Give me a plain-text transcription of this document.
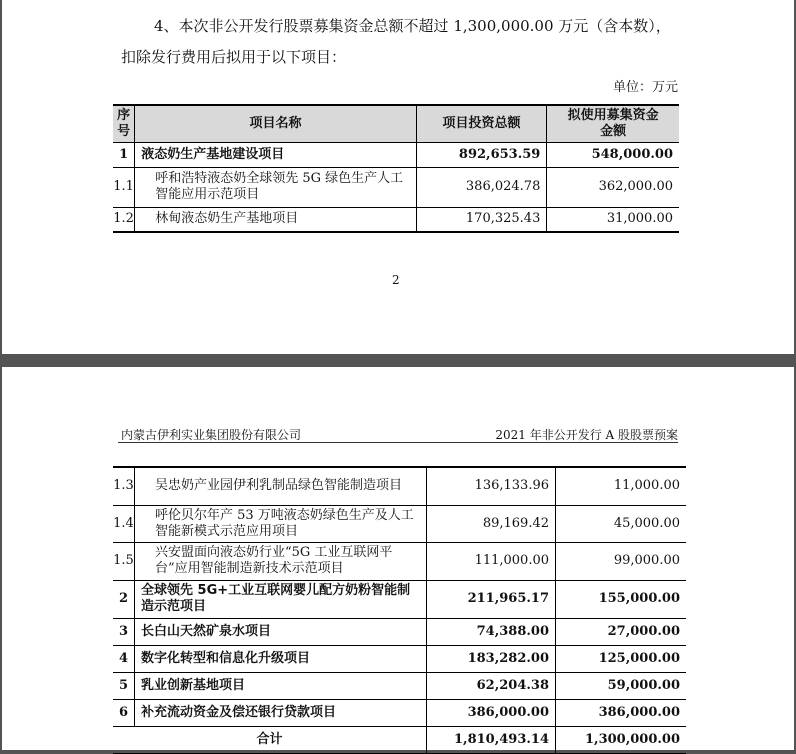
4、本次非公开发行股票募集资金总额不超过 1,300,000.00 万元（含本数），
扣除发行费用后拟用于以下项目：
单位：万元
序号	项目名称	项目投资总额	拟使用募集资金金额
1	液态奶生产基地建设项目	892,653.59	548,000.00
1.1	呼和浩特液态奶全球领先 5G 绿色生产人工智能应用示范项目	386,024.78	362,000.00
1.2	林甸液态奶生产基地项目	170,325.43	31,000.00
2
内蒙古伊利实业集团股份有限公司	2021 年非公开发行 A 股股票预案
1.3	吴忠奶产业园伊利乳制品绿色智能制造项目	136,133.96	11,000.00
1.4	呼伦贝尔年产 53 万吨液态奶绿色生产及人工智能新模式示范应用项目	89,169.42	45,000.00
1.5	兴安盟面向液态奶行业“5G 工业互联网平台”应用智能制造新技术示范项目	111,000.00	99,000.00
2	全球领先 5G+工业互联网婴儿配方奶粉智能制造示范项目	211,965.17	155,000.00
3	长白山天然矿泉水项目	74,388.00	27,000.00
4	数字化转型和信息化升级项目	183,282.00	125,000.00
5	乳业创新基地项目	62,204.38	59,000.00
6	补充流动资金及偿还银行贷款项目	386,000.00	386,000.00
合计		1,810,493.14	1,300,000.00
